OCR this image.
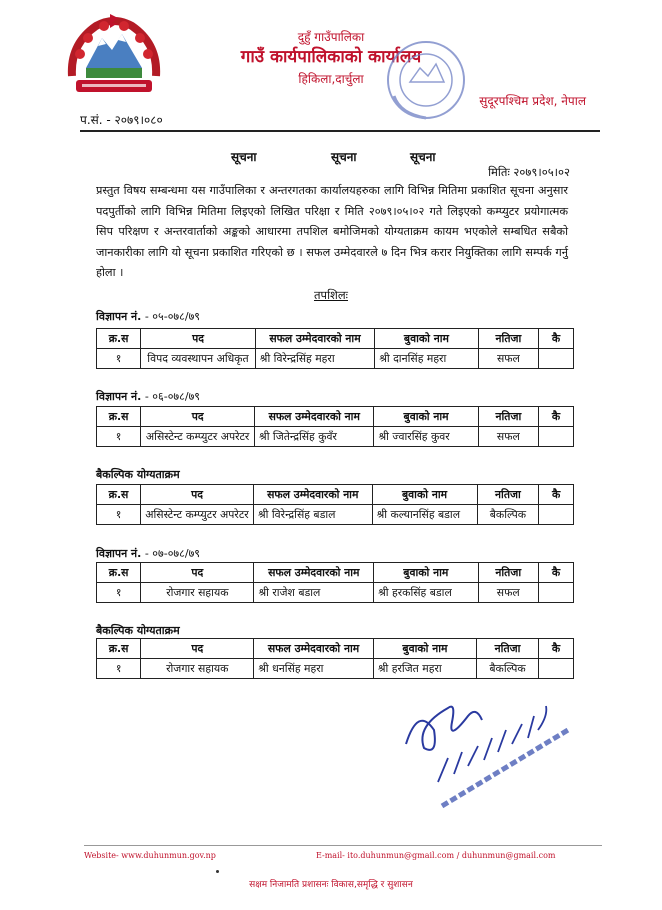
दुहुँ गाउँपालिका
गाउँ कार्यपालिकाको कार्यालय
हिकिला,दार्चुला
सुदूरपश्चिम प्रदेश, नेपाल
प.सं. - २०७९।०८०
सूचना	सूचना	सूचना
मितिः २०७९।०५।०२
प्रस्तुत विषय सम्बन्धमा यस गाउँपालिका र अन्तरगतका कार्यालयहरुका लागि विभिन्न मितिमा प्रकाशित सूचना अनुसार पदपुर्तीको लागि विभिन्न मितिमा लिइएको लिखित परिक्षा र मिति २०७९।०५।०२ गते लिइएको कम्प्युटर प्रयोगात्मक सिप परिक्षण र अन्तरवार्ताको अङ्कको आधारमा तपशिल बमोजिमको योग्यताक्रम कायम भएकोले सम्बधित सबैको जानकारीका लागि यो सूचना प्रकाशित गरिएको छ । सफल उम्मेदवारले ७ दिन भित्र करार नियुक्तिका लागि सम्पर्क गर्नु होला ।
तपशिलः
विज्ञापन नं. - ०५-०७८/७९
क्र.स	पद	सफल उम्मेदवारको नाम	बुवाको नाम	नतिजा	कै
१	विपद व्यवस्थापन अधिकृत	श्री विरेन्द्रसिंह महरा	श्री दानसिंह महरा	सफल	
विज्ञापन नं. - ०६-०७८/७९
क्र.स	पद	सफल उम्मेदवारको नाम	बुवाको नाम	नतिजा	कै
१	असिस्टेन्ट कम्प्युटर अपरेटर	श्री जितेन्द्रसिंह कुवँर	श्री ज्वारसिंह कुवर	सफल	
बैकल्पिक योग्यताक्रम
क्र.स	पद	सफल उम्मेदवारको नाम	बुवाको नाम	नतिजा	कै
१	असिस्टेन्ट कम्प्युटर अपरेटर	श्री विरेन्द्रसिंह बडाल	श्री कल्यानसिंह बडाल	बैकल्पिक	
विज्ञापन नं. - ०७-०७८/७९
क्र.स	पद	सफल उम्मेदवारको नाम	बुवाको नाम	नतिजा	कै
१	रोजगार सहायक	श्री राजेश बडाल	श्री हरकसिंह बडाल	सफल	
बैकल्पिक योग्यताक्रम
क्र.स	पद	सफल उम्मेदवारको नाम	बुवाको नाम	नतिजा	कै
१	रोजगार सहायक	श्री धनसिंह महरा	श्री हरजित महरा	बैकल्पिक	
Website- www.duhunmun.gov.np	E-mail- ito.duhunmun@gmail.com / duhunmun@gmail.com
सक्षम निजामति प्रशासनः विकास,समृद्धि र सुशासन
